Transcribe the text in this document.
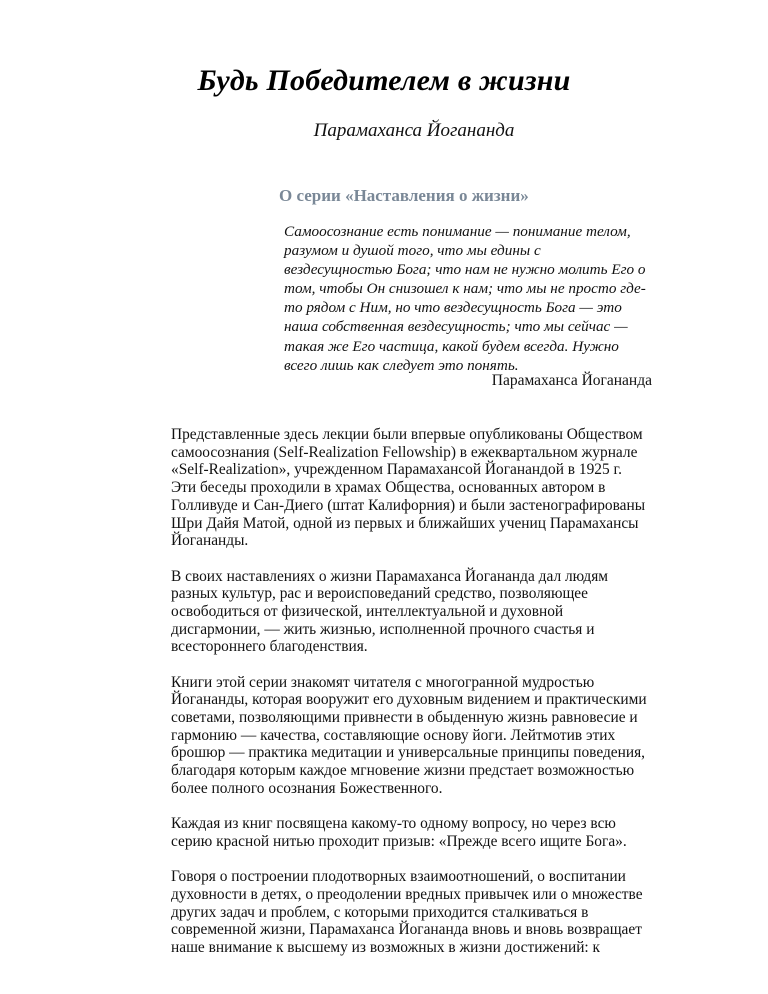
Будь Победителем в жизни
Парамаханса Йогананда
О серии «Наставления о жизни»
Самоосознание есть понимание — понимание телом, разумом и душой того, что мы едины с вездесущностью Бога; что нам не нужно молить Его о том, чтобы Он снизошел к нам; что мы не просто где-то рядом с Ним, но что вездесущность Бога — это наша собственная вездесущность; что мы сейчас — такая же Его частица, какой будем всегда. Нужно всего лишь как следует это понять.
Парамаханса Йогананда

Представленные здесь лекции были впервые опубликованы Обществом самоосознания (Self-Realization Fellowship) в ежеквартальном журнале «Self-Realization», учрежденном Парамахансой Йоганандой в 1925 г. Эти беседы проходили в храмах Общества, основанных автором в Голливуде и Сан-Диего (штат Калифорния) и были застенографированы Шри Дайя Матой, одной из первых и ближайших учениц Парамахансы Йогананды.

В своих наставлениях о жизни Парамаханса Йогананда дал людям разных культур, рас и вероисповеданий средство, позволяющее освободиться от физической, интеллектуальной и духовной дисгармонии, — жить жизнью, исполненной прочного счастья и всестороннего благоденствия.

Книги этой серии знакомят читателя с многогранной мудростью Йогананды, которая вооружит его духовным видением и практическими советами, позволяющими привнести в обыденную жизнь равновесие и гармонию — качества, составляющие основу йоги. Лейтмотив этих брошюр — практика медитации и универсальные принципы поведения, благодаря которым каждое мгновение жизни предстает возможностью более полного осознания Божественного.

Каждая из книг посвящена какому-то одному вопросу, но через всю серию красной нитью проходит призыв: «Прежде всего ищите Бога».

Говоря о построении плодотворных взаимоотношений, о воспитании духовности в детях, о преодолении вредных привычек или о множестве других задач и проблем, с которыми приходится сталкиваться в современной жизни, Парамаханса Йогананда вновь и вновь возвращает наше внимание к высшему из возможных в жизни достижений: к
